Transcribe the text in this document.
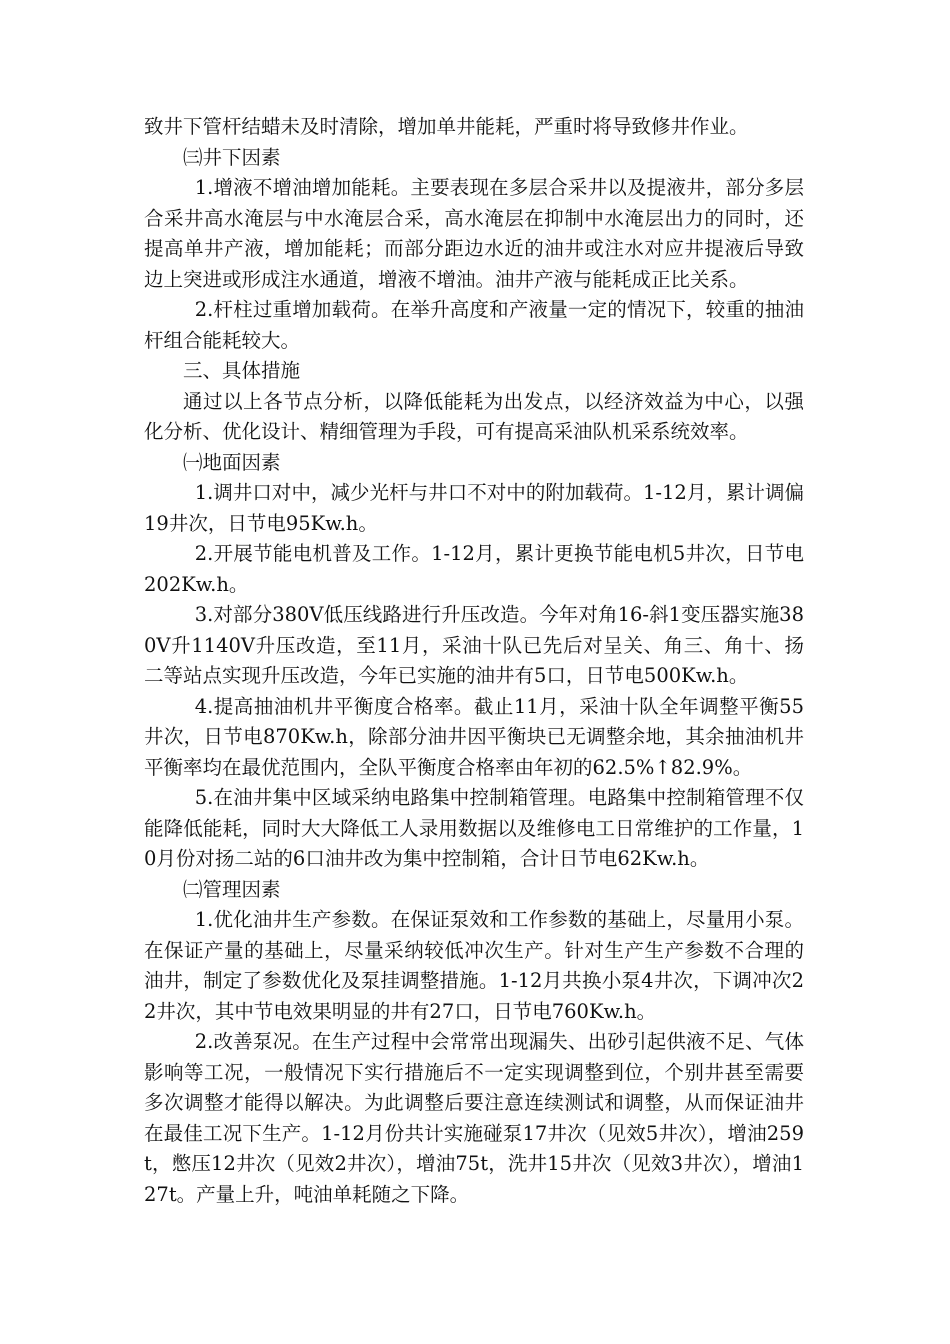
致井下管杆结蜡未及时清除，增加单井能耗，严重时将导致修井作业。

㈢井下因素

1.增液不增油增加能耗。主要表现在多层合采井以及提液井，部分多层合采井高水淹层与中水淹层合采，高水淹层在抑制中水淹层出力的同时，还提高单井产液，增加能耗；而部分距边水近的油井或注水对应井提液后导致边上突进或形成注水通道，增液不增油。油井产液与能耗成正比关系。

2.杆柱过重增加载荷。在举升高度和产液量一定的情况下，较重的抽油杆组合能耗较大。

三、具体措施

通过以上各节点分析，以降低能耗为出发点，以经济效益为中心，以强化分析、优化设计、精细管理为手段，可有提高采油队机采系统效率。

㈠地面因素

1.调井口对中，减少光杆与井口不对中的附加载荷。1-12月，累计调偏19井次，日节电95Kw.h。

2.开展节能电机普及工作。1-12月，累计更换节能电机5井次，日节电202Kw.h。

3.对部分380V低压线路进行升压改造。今年对角16-斜1变压器实施380V升1140V升压改造，至11月，采油十队已先后对呈关、角三、角十、扬二等站点实现升压改造，今年已实施的油井有5口，日节电500Kw.h。

4.提高抽油机井平衡度合格率。截止11月，采油十队全年调整平衡55井次，日节电870Kw.h，除部分油井因平衡块已无调整余地，其余抽油机井平衡率均在最优范围内，全队平衡度合格率由年初的62.5%↑82.9%。

5.在油井集中区域采纳电路集中控制箱管理。电路集中控制箱管理不仅能降低能耗，同时大大降低工人录用数据以及维修电工日常维护的工作量，10月份对扬二站的6口油井改为集中控制箱，合计日节电62Kw.h。

㈡管理因素

1.优化油井生产参数。在保证泵效和工作参数的基础上，尽量用小泵。在保证产量的基础上，尽量采纳较低冲次生产。针对生产生产参数不合理的油井，制定了参数优化及泵挂调整措施。1-12月共换小泵4井次，下调冲次22井次，其中节电效果明显的井有27口，日节电760Kw.h。

2.改善泵况。在生产过程中会常常出现漏失、出砂引起供液不足、气体影响等工况，一般情况下实行措施后不一定实现调整到位，个别井甚至需要多次调整才能得以解决。为此调整后要注意连续测试和调整，从而保证油井在最佳工况下生产。1-12月份共计实施碰泵17井次（见效5井次），增油259t，憋压12井次（见效2井次），增油75t，洗井15井次（见效3井次），增油127t。产量上升，吨油单耗随之下降。
